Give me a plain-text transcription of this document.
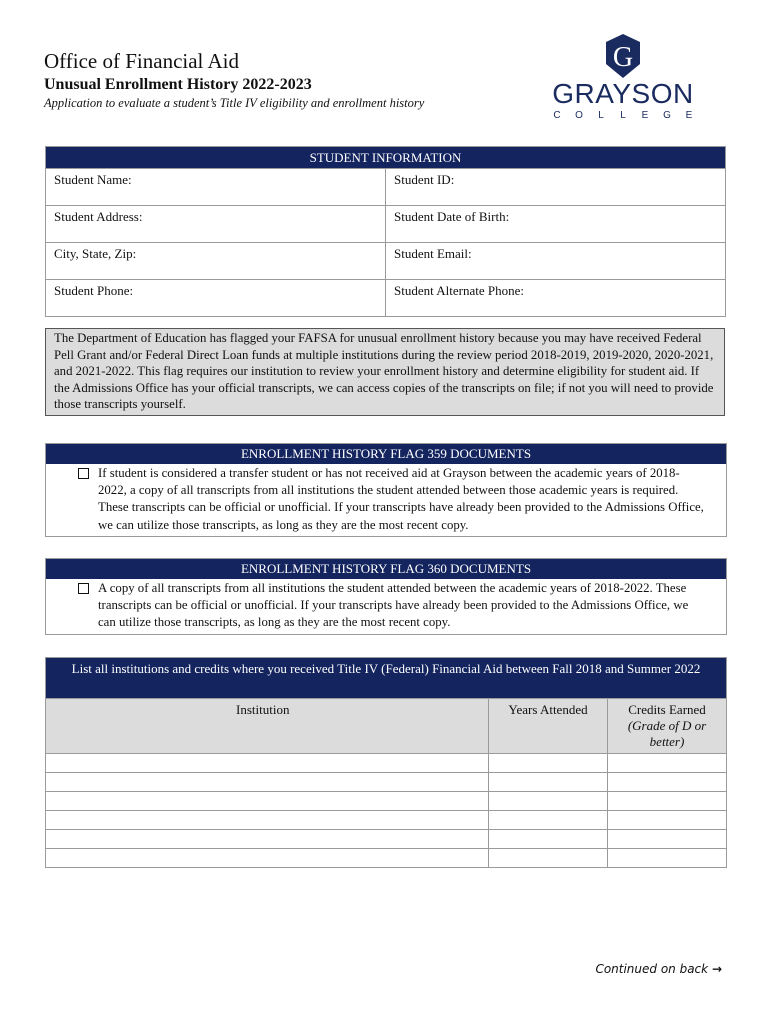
Office of Financial Aid
Unusual Enrollment History 2022-2023
Application to evaluate a student’s Title IV eligibility and enrollment history
G
GRAYSON
C	O	L	L	E	G	E
STUDENT INFORMATION	
Student Name:	Student ID:
Student Address:	Student Date of Birth:
City, State, Zip:	Student Email:
Student Phone:	Student Alternate Phone:
The Department of Education has flagged your FAFSA for unusual enrollment history because you may have received Federal Pell Grant and/or Federal Direct Loan funds at multiple institutions during the review period 2018-2019, 2019-2020, 2020-2021, and 2021-2022. This flag requires our institution to review your enrollment history and determine eligibility for student aid. If the Admissions Office has your official transcripts, we can access copies of the transcripts on file; if not you will need to provide those transcripts yourself.
ENROLLMENT HISTORY FLAG 359 DOCUMENTS
If student is considered a transfer student or has not received aid at Grayson between the academic years of 2018-2022, a copy of all transcripts from all institutions the student attended between those academic years is required. These transcripts can be official or unofficial. If your transcripts have already been provided to the Admissions Office, we can utilize those transcripts, as long as they are the most recent copy.
ENROLLMENT HISTORY FLAG 360 DOCUMENTS
A copy of all transcripts from all institutions the student attended between the academic years of 2018-2022. These transcripts can be official or unofficial. If your transcripts have already been provided to the Admissions Office, we can utilize those transcripts, as long as they are the most recent copy.
List all institutions and credits where you received Title IV (Federal) Financial Aid between Fall 2018 and Summer 2022		
Institution	Years Attended	Credits Earned
(Grade of D or better)

Continued on back →
